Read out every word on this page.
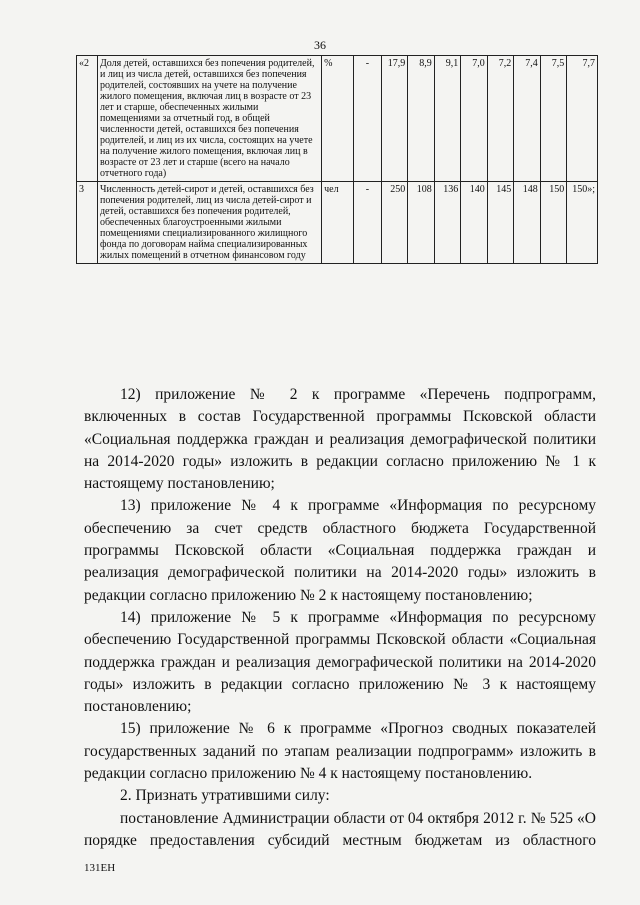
36
«2	Доля детей, оставшихся без попечения родителей, и лиц из числа детей, оставшихся без попечения родителей, состоявших на учете на получение жилого помещения, включая лиц в возрасте от 23 лет и старше, обеспеченных жилыми помещениями за отчетный год, в общей численности детей, оставшихся без попечения родителей, и лиц из их числа, состоящих на учете на получение жилого помещения, включая лиц в возрасте от 23 лет и старше (всего на начало отчетного года)	%	-	17,9	8,9	9,1	7,0	7,2	7,4	7,5	7,7
3	Численность детей-сирот и детей, оставшихся без попечения родителей, лиц из числа детей-сирот и детей, оставшихся без попечения родителей, обеспеченных благоустроенными жилыми помещениями специализированного жилищного фонда по договорам найма специализированных жилых помещений в отчетном финансовом году	чел	-	250	108	136	140	145	148	150	150»;

12) приложение № 2 к программе «Перечень подпрограмм, включенных в состав Государственной программы Псковской области «Социальная поддержка граждан и реализация демографической политики на 2014-2020 годы» изложить в редакции согласно приложению № 1 к настоящему постановлению;

13) приложение № 4 к программе «Информация по ресурсному обеспечению за счет средств областного бюджета Государственной программы Псковской области «Социальная поддержка граждан и реализация демографической политики на 2014-2020 годы» изложить в редакции согласно приложению № 2 к настоящему постановлению;

14) приложение № 5 к программе «Информация по ресурсному обеспечению Государственной программы Псковской области «Социальная поддержка граждан и реализация демографической политики на 2014-2020 годы» изложить в редакции согласно приложению № 3 к настоящему постановлению;

15) приложение № 6 к программе «Прогноз сводных показателей государственных заданий по этапам реализации подпрограмм» изложить в редакции согласно приложению № 4 к настоящему постановлению.

2. Признать утратившими силу:

постановление Администрации области от 04 октября 2012 г. № 525 «О порядке предоставления субсидий местным бюджетам из областного

131ЕН
